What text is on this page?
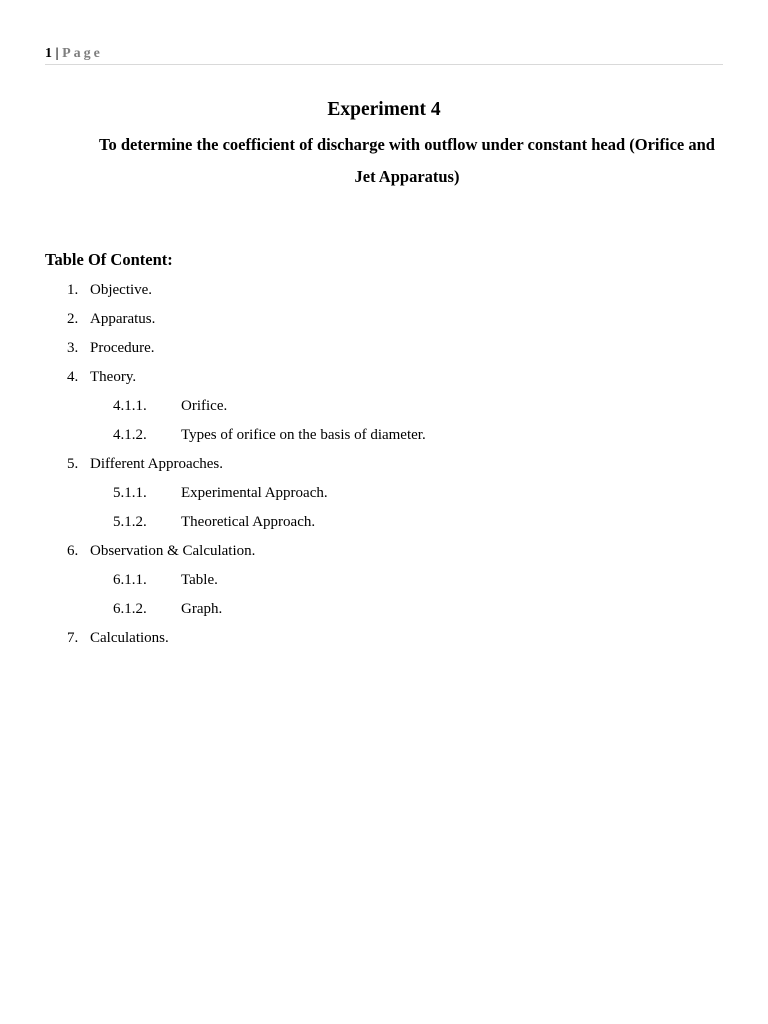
1 | Page
Experiment 4

To determine the coefficient of discharge with outflow under constant head (Orifice and Jet Apparatus)

Table Of Content:
1. Objective.
2. Apparatus.
3. Procedure.
4. Theory.
4.1.1. Orifice.
4.1.2. Types of orifice on the basis of diameter.
5. Different Approaches.
5.1.1. Experimental Approach.
5.1.2. Theoretical Approach.
6. Observation & Calculation.
6.1.1. Table.
6.1.2. Graph.
7. Calculations.
